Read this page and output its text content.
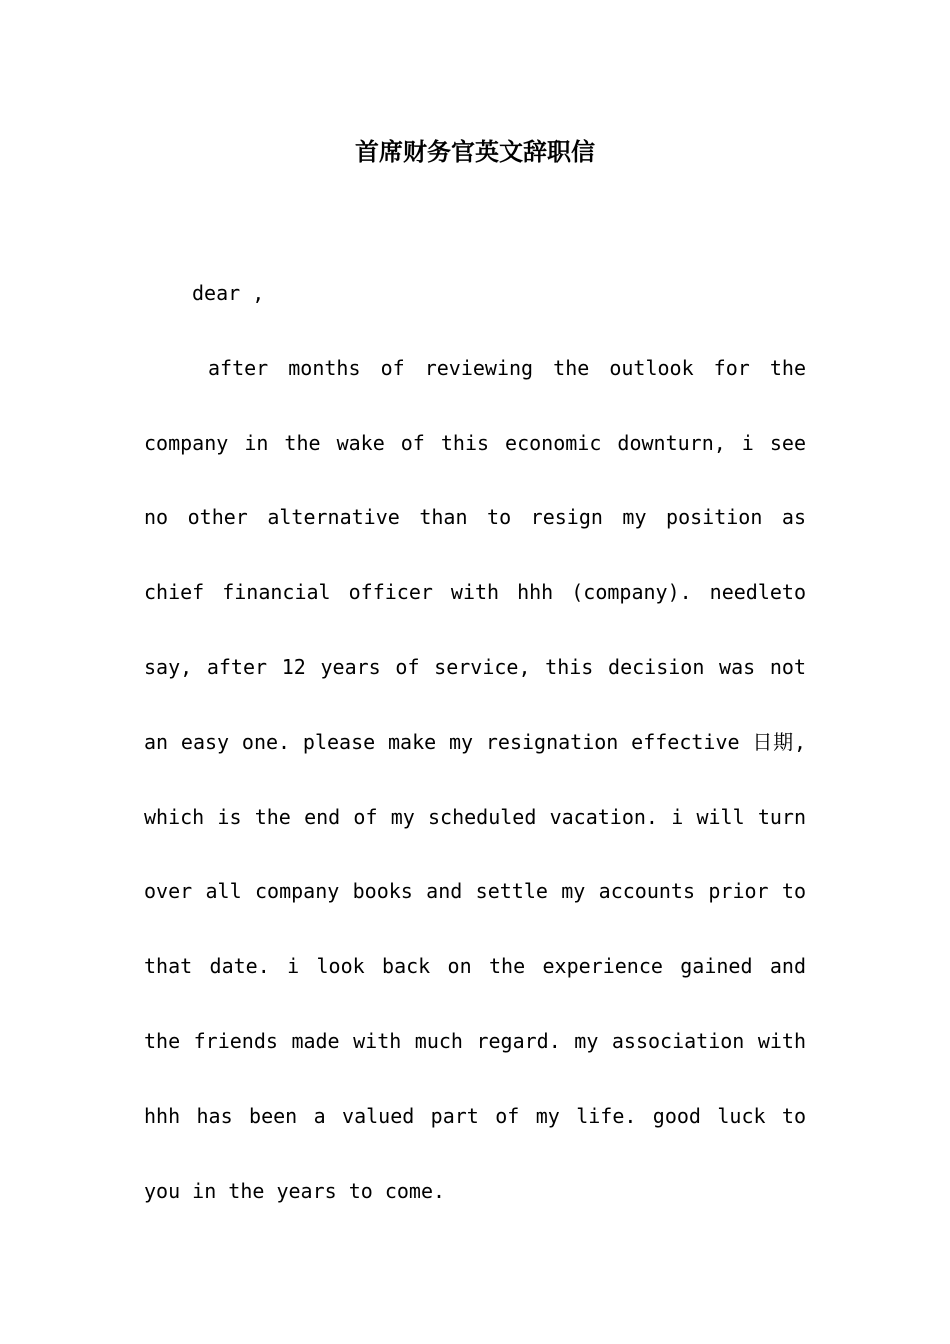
首席财务官英文辞职信

dear ,

after months of reviewing the outlook for the company in the wake of this economic downturn, i see no other alternative than to resign my position as chief financial officer with hhh (company). needleto say, after 12 years of service, this decision was not an easy one. please make my resignation effective 日期, which is the end of my scheduled vacation. i will turn over all company books and settle my accounts prior to that date. i look back on the experience gained and the friends made with much regard. my association with hhh has been a valued part of my life. good luck to you in the years to come.
